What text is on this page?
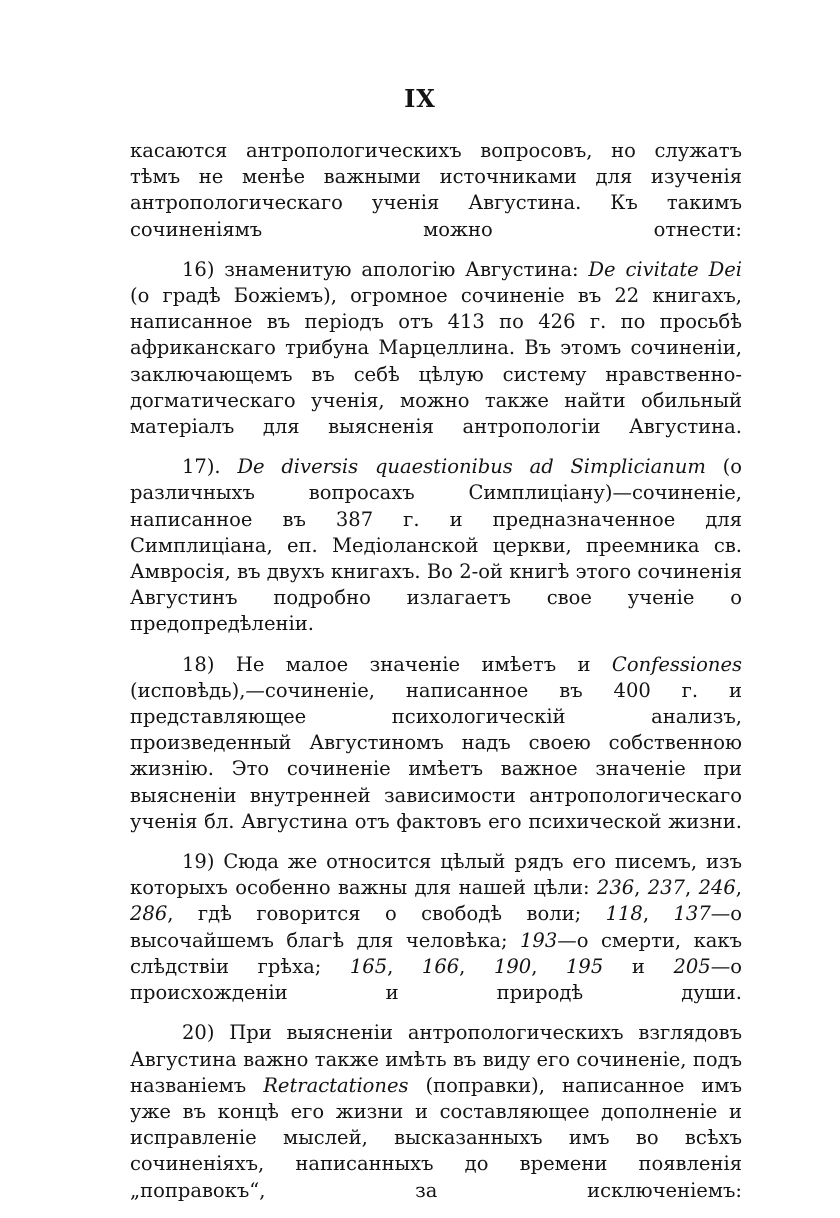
IX

касаются антропологическихъ вопросовъ, но служатъ тѣмъ не менѣе важными источниками для изученія антропологическаго ученія Августина. Къ такимъ сочиненіямъ можно отнести:

16) знаменитую апологію Августина: De civitate Dei (о градѣ Божіемъ), огромное сочиненіе въ 22 книгахъ, написанное въ періодъ отъ 413 по 426 г. по просьбѣ африканскаго трибуна Марцеллина. Въ этомъ сочиненіи, заключающемъ въ себѣ цѣлую систему нравственно-догматическаго ученія, можно также найти обильный матеріалъ для выясненія антропологіи Августина.

17). De diversis quaestionibus ad Simplicianum (о различныхъ вопросахъ Симплиціану)—сочиненіе, написанное въ 387 г. и предназначенное для Симплиціана, еп. Медіоланской церкви, преемника св. Амвросія, въ двухъ книгахъ. Во 2-ой книгѣ этого сочиненія Августинъ подробно излагаетъ свое ученіе о предопредѣленіи.

18) Не малое значеніе имѣетъ и Confessiones (исповѣдь),—сочиненіе, написанное въ 400 г. и представляющее психологическій анализъ, произведенный Августиномъ надъ своею собственною жизнію. Это сочиненіе имѣетъ важное значеніе при выясненіи внутренней зависимости антропологическаго ученія бл. Августина отъ фактовъ его психической жизни.

19) Сюда же относится цѣлый рядъ его писемъ, изъ которыхъ особенно важны для нашей цѣли: 236, 237, 246, 286, гдѣ говорится о свободѣ воли; 118, 137—о высочайшемъ благѣ для человѣка; 193—о смерти, какъ слѣдствіи грѣха; 165, 166, 190, 195 и 205—о происхожденіи и природѣ души.

20) При выясненіи антропологическихъ взглядовъ Августина важно также имѣть въ виду его сочиненіе, подъ названіемъ Retractationes (поправки), написанное имъ уже въ концѣ его жизни и составляющее дополненіе и исправленіе мыслей, высказанныхъ имъ во всѣхъ сочиненіяхъ, написанныхъ до времени появленія „поправокъ“, за исключеніемъ:
